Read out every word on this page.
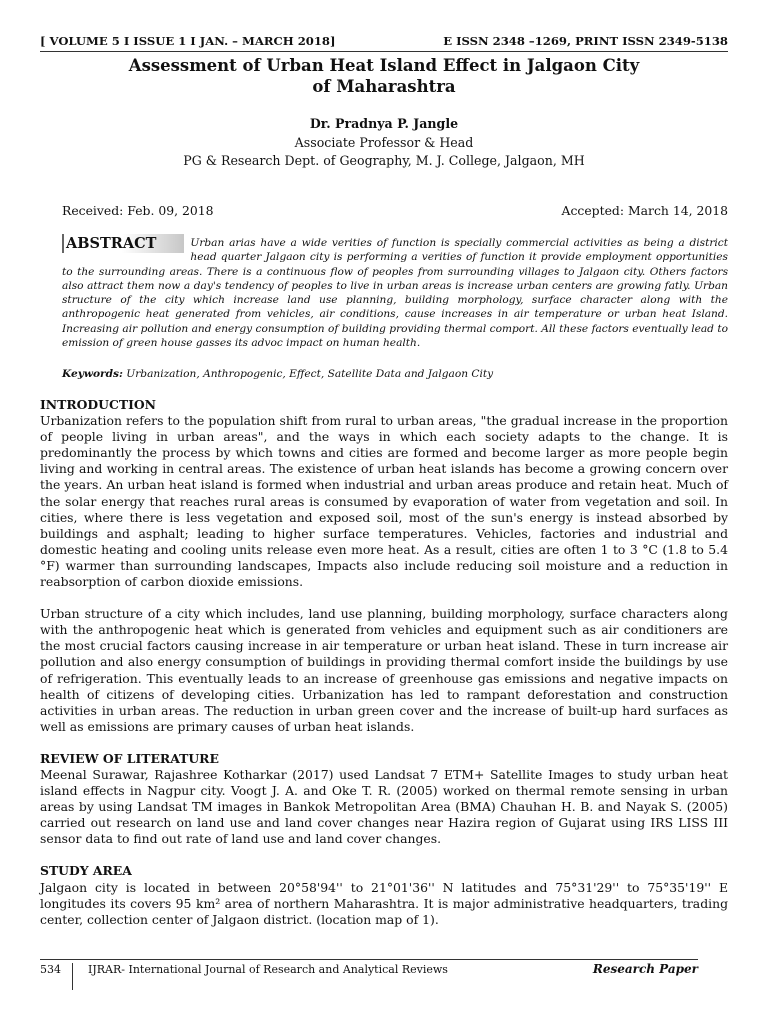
[ VOLUME 5 I ISSUE 1 I JAN. – MARCH 2018]	E ISSN 2348 –1269, PRINT ISSN 2349-5138
Assessment of Urban Heat Island Effect in Jalgaon City
of Maharashtra
Dr. Pradnya P. Jangle
Associate Professor & Head
PG & Research Dept. of Geography, M. J. College, Jalgaon, MH
Received: Feb. 09, 2018	Accepted: March 14, 2018
ABSTRACT	Urban arias have a wide verities of function is specially commercial activities as being a district head quarter Jalgaon city is performing a verities of function it provide employment opportunities to the surrounding areas. There is a continuous flow of peoples from surrounding villages to Jalgaon city. Others factors also attract them now a day's tendency of peoples to live in urban areas is increase urban centers are growing fatly. Urban structure of the city which increase land use planning, building morphology, surface character along with the anthropogenic heat generated from vehicles, air conditions, cause increases in air temperature or urban heat Island. Increasing air pollution and energy consumption of building providing thermal comport. All these factors eventually lead to emission of green house gasses its advoc impact on human health.
Keywords: Urbanization, Anthropogenic, Effect, Satellite Data and Jalgaon City
INTRODUCTION

Urbanization refers to the population shift from rural to urban areas, "the gradual increase in the proportion of people living in urban areas", and the ways in which each society adapts to the change. It is predominantly the process by which towns and cities are formed and become larger as more people begin living and working in central areas. The existence of urban heat islands has become a growing concern over the years. An urban heat island is formed when industrial and urban areas produce and retain heat. Much of the solar energy that reaches rural areas is consumed by evaporation of water from vegetation and soil. In cities, where there is less vegetation and exposed soil, most of the sun's energy is instead absorbed by buildings and asphalt; leading to higher surface temperatures. Vehicles, factories and industrial and domestic heating and cooling units release even more heat. As a result, cities are often 1 to 3 °C (1.8 to 5.4 °F) warmer than surrounding landscapes, Impacts also include reducing soil moisture and a reduction in reabsorption of carbon dioxide emissions.

Urban structure of a city which includes, land use planning, building morphology, surface characters along with the anthropogenic heat which is generated from vehicles and equipment such as air conditioners are the most crucial factors causing increase in air temperature or urban heat island. These in turn increase air pollution and also energy consumption of buildings in providing thermal comfort inside the buildings by use of refrigeration. This eventually leads to an increase of greenhouse gas emissions and negative impacts on health of citizens of developing cities. Urbanization has led to rampant deforestation and construction activities in urban areas. The reduction in urban green cover and the increase of built-up hard surfaces as well as emissions are primary causes of urban heat islands.

REVIEW OF LITERATURE

Meenal Surawar, Rajashree Kotharkar (2017) used Landsat 7 ETM+ Satellite Images to study urban heat island effects in Nagpur city. Voogt J. A. and Oke T. R. (2005) worked on thermal remote sensing in urban areas by using Landsat TM images in Bankok Metropolitan Area (BMA) Chauhan H. B. and Nayak S. (2005) carried out research on land use and land cover changes near Hazira region of Gujarat using IRS LISS III sensor data to find out rate of land use and land cover changes.

STUDY AREA

Jalgaon city is located in between 20°58'94'' to 21°01'36'' N latitudes and 75°31'29'' to 75°35'19'' E longitudes its covers 95 km² area of northern Maharashtra. It is major administrative headquarters, trading center, collection center of Jalgaon district. (location map of 1).

534	IJRAR- International Journal of Research and Analytical Reviews	Research Paper
